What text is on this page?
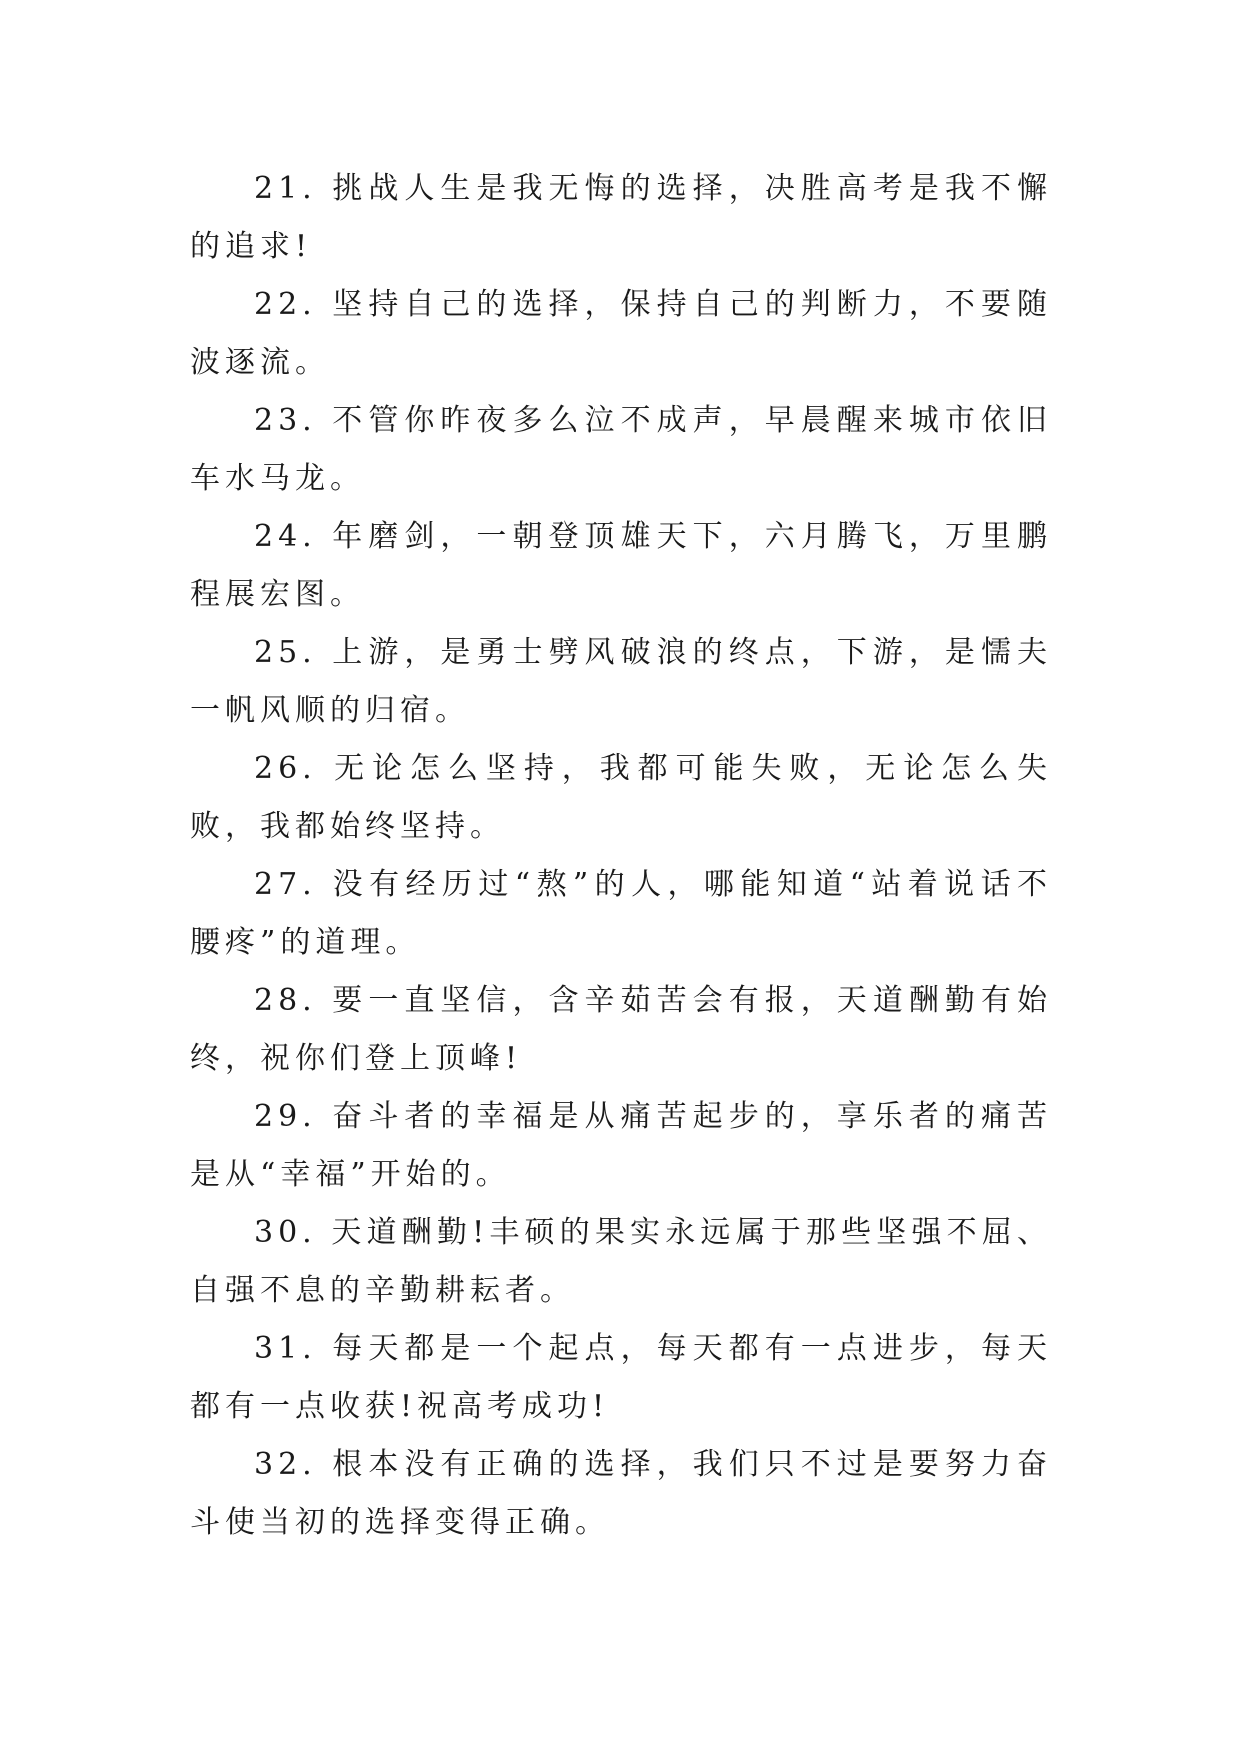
21. 挑战人生是我无悔的选择，决胜高考是我不懈的追求!

22. 坚持自己的选择，保持自己的判断力，不要随波逐流。

23. 不管你昨夜多么泣不成声，早晨醒来城市依旧车水马龙。

24. 年磨剑，一朝登顶雄天下，六月腾飞，万里鹏程展宏图。

25. 上游，是勇士劈风破浪的终点，下游，是懦夫一帆风顺的归宿。

26. 无论怎么坚持，我都可能失败，无论怎么失败，我都始终坚持。

27. 没有经历过“熬”的人，哪能知道“站着说话不腰疼”的道理。

28. 要一直坚信，含辛茹苦会有报，天道酬勤有始终，祝你们登上顶峰!

29. 奋斗者的幸福是从痛苦起步的，享乐者的痛苦是从“幸福”开始的。

30. 天道酬勤!丰硕的果实永远属于那些坚强不屈、自强不息的辛勤耕耘者。

31. 每天都是一个起点，每天都有一点进步，每天都有一点收获!祝高考成功!

32. 根本没有正确的选择，我们只不过是要努力奋斗使当初的选择变得正确。
